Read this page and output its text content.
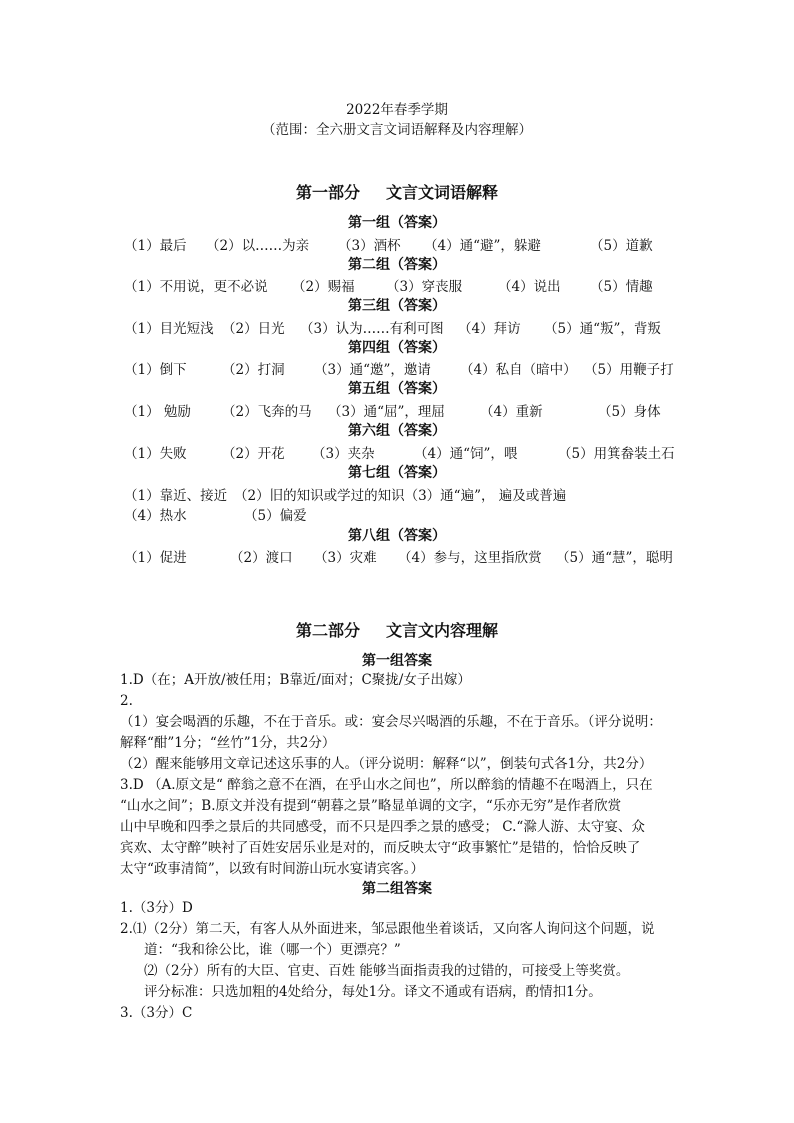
2022年春季学期
（范围：全六册文言文词语解释及内容理解）
第一部分 文言文词语解释
第一组（答案）
（1）最后 （2）以……为亲 （3）酒杯 （4）通“避”，躲避	（5）道歉
第二组（答案）
（1）不用说，更不必说 （2）赐福 （3）穿丧服	（4）说出 （5）情趣
第三组（答案）
（1）目光短浅 （2）日光 （3）认为……有利可图 （4）拜访 （5）通“叛”，背叛
第四组（答案）
（1）倒下	（2）打洞 （3）通“邀”，邀请 （4）私自（暗中） （5）用鞭子打
第五组（答案）
（1） 勉励 （2）飞奔的马 （3）通“屈”，理屈	（4）重新	（5）身体
第六组（答案）
（1）失败	（2）开花 （3）夹杂	（4）通“饲”，喂	（5）用箕畚装土石
第七组（答案）
（1）靠近、接近 （2）旧的知识或学过的知识（3）通“遍”， 遍及或普遍
（4）热水	（5）偏爱
第八组（答案）
（1）促进	（2）渡口 （3）灾难 （4）参与，这里指欣赏 （5）通“慧”，聪明
第二部分 文言文内容理解
第一组答案
1.D（在；A开放/被任用；B靠近/面对；C聚拢/女子出嫁）
2.
（1）宴会喝酒的乐趣，不在于音乐。或：宴会尽兴喝酒的乐趣，不在于音乐。（评分说明：
解释“酣”1分；“丝竹”1分，共2分）
（2）醒来能够用文章记述这乐事的人。（评分说明：解释“以”，倒装句式各1分，共2分）
3.D （A.原文是“ 醉翁之意不在酒，在乎山水之间也”，所以醉翁的情趣不在喝酒上，只在
“山水之间”；B.原文并没有提到“朝暮之景”略显单调的文字，“乐亦无穷”是作者欣赏
山中早晚和四季之景后的共同感受，而不只是四季之景的感受； C.“滁人游、太守宴、众
宾欢、太守醉”映衬了百姓安居乐业是对的，而反映太守“政事繁忙”是错的，恰恰反映了
太守“政事清简”，以致有时间游山玩水宴请宾客。）
第二组答案
1.（3分）D
2.⑴（2分）第二天，有客人从外面进来，邹忌跟他坐着谈话，又向客人询问这个问题，说
道：“我和徐公比，谁（哪一个）更漂亮？”
⑵（2分）所有的大臣、官吏、百姓 能够当面指责我的过错的，可接受上等奖赏。
评分标准：只选加粗的4处给分，每处1分。译文不通或有语病，酌情扣1分。
3.（3分）C
